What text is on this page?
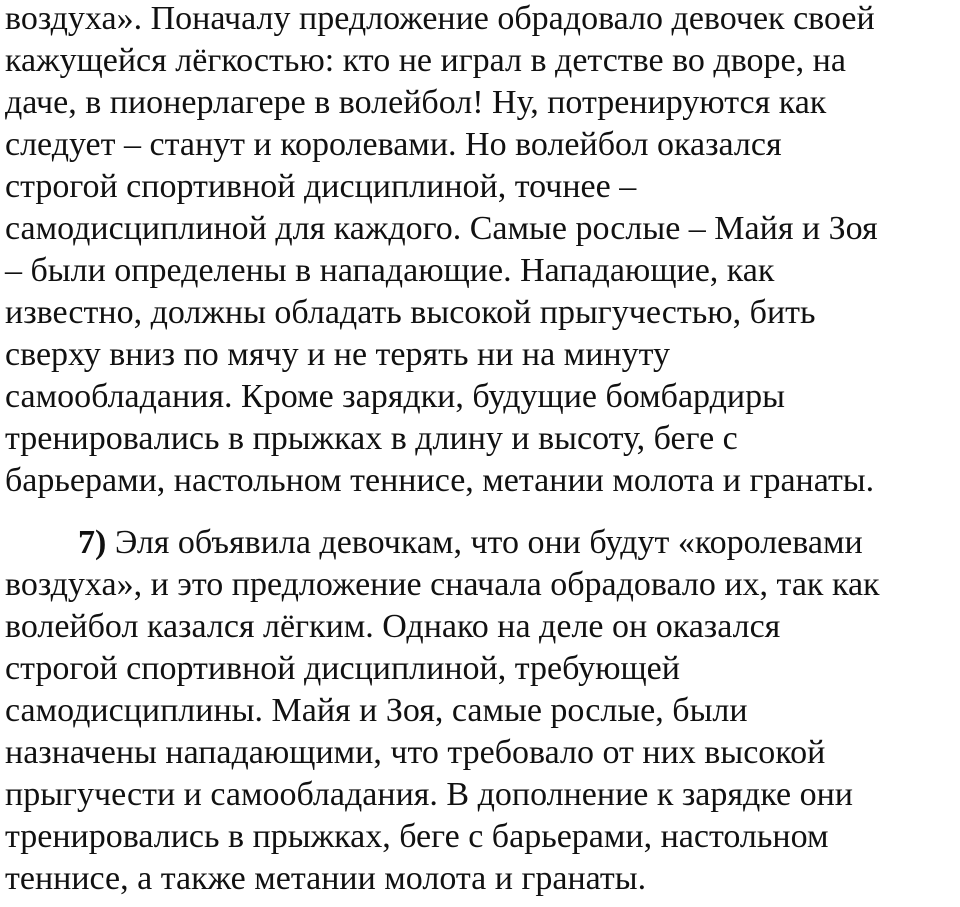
воздуха». Поначалу предложение обрадовало девочек своей
кажущейся лёгкостью: кто не играл в детстве во дворе, на
даче, в пионерлагере в волейбол! Ну, потренируются как
следует – станут и королевами. Но волейбол оказался
строгой спортивной дисциплиной, точнее –
самодисциплиной для каждого. Самые рослые – Майя и Зоя
– были определены в нападающие. Нападающие, как
известно, должны обладать высокой прыгучестью, бить
сверху вниз по мячу и не терять ни на минуту
самообладания. Кроме зарядки, будущие бомбардиры
тренировались в прыжках в длину и высоту, беге с
барьерами, настольном теннисе, метании молота и гранаты.
7) Эля объявила девочкам, что они будут «королевами
воздуха», и это предложение сначала обрадовало их, так как
волейбол казался лёгким. Однако на деле он оказался
строгой спортивной дисциплиной, требующей
самодисциплины. Майя и Зоя, самые рослые, были
назначены нападающими, что требовало от них высокой
прыгучести и самообладания. В дополнение к зарядке они
тренировались в прыжках, беге с барьерами, настольном
теннисе, а также метании молота и гранаты.
